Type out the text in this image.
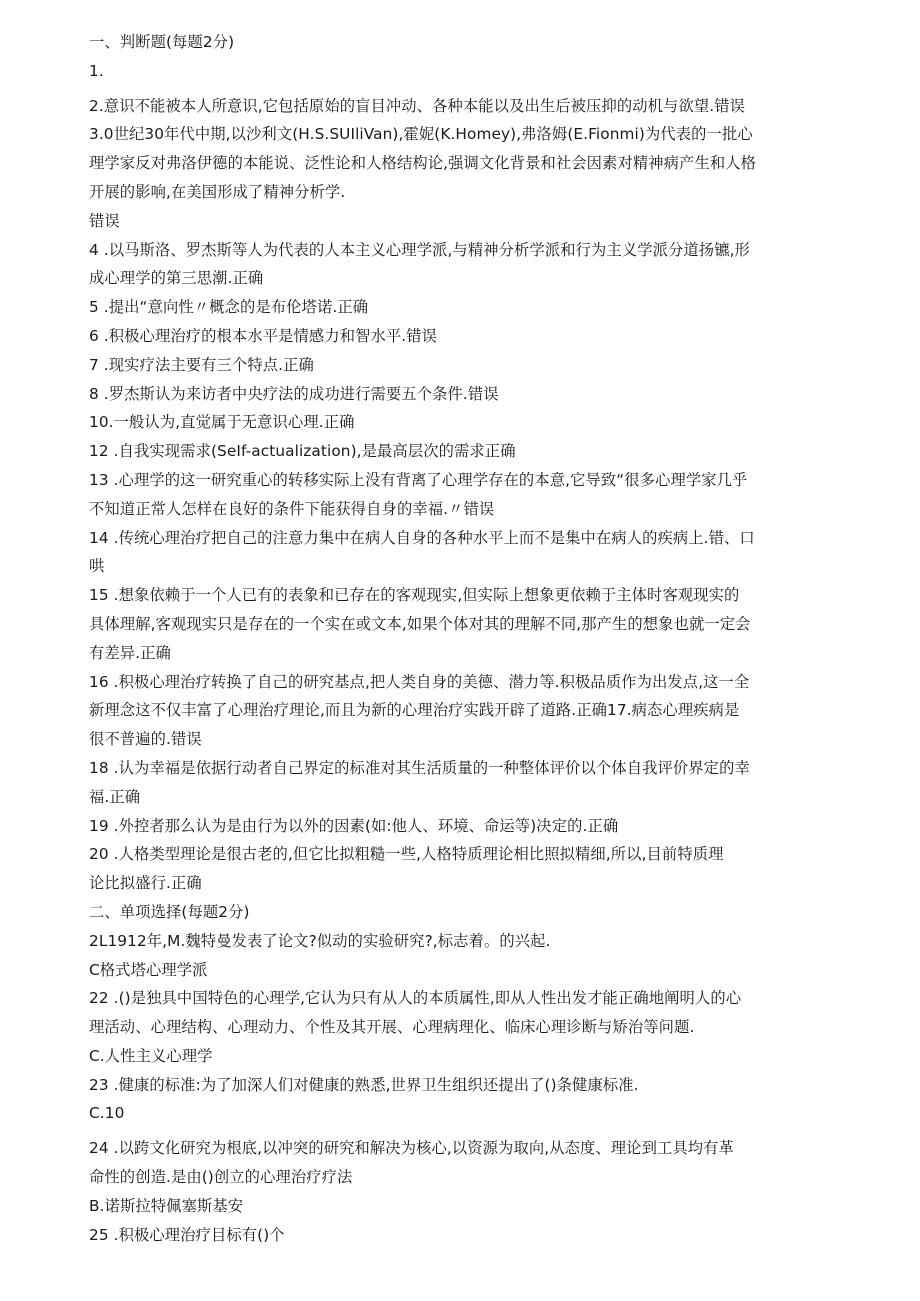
一、判断题(每题2分)
1.
2.意识不能被本人所意识,它包括原始的盲目冲动、各种本能以及出生后被压抑的动机与欲望.错误
3.0世纪30年代中期,以沙利文(H.S.SUIliVan),霍妮(K.Homey),弗洛姆(E.Fionmi)为代表的一批心
理学家反对弗洛伊德的本能说、泛性论和人格结构论,强调文化背景和社会因素对精神病产生和人格
开展的影响,在美国形成了精神分析学.
错误
4 .以马斯洛、罗杰斯等人为代表的人本主义心理学派,与精神分析学派和行为主义学派分道扬镳,形
成心理学的第三思潮.正确
5 .提出“意向性〃概念的是布伦塔诺.正确
6 .积极心理治疗的根本水平是情感力和智水平.错误
7 .现实疗法主要有三个特点.正确
8 .罗杰斯认为来访者中央疗法的成功进行需要五个条件.错误
10.一般认为,直觉属于无意识心理.正确
12 .自我实现需求(SeIf-actualization),是最高层次的需求正确
13 .心理学的这一研究重心的转移实际上没有背离了心理学存在的本意,它导致“很多心理学家几乎
不知道正常人怎样在良好的条件下能获得自身的幸福.〃错误
14 .传统心理治疗把自己的注意力集中在病人自身的各种水平上而不是集中在病人的疾病上.错、口
哄
15 .想象依赖于一个人已有的表象和已存在的客观现实,但实际上想象更依赖于主体时客观现实的
具体理解,客观现实只是存在的一个实在或文本,如果个体对其的理解不同,那产生的想象也就一定会
有差异.正确
16 .积极心理治疗转换了自己的研究基点,把人类自身的美德、潜力等.积极品质作为出发点,这一全
新理念这不仅丰富了心理治疗理论,而且为新的心理治疗实践开辟了道路.正确17.病态心理疾病是
很不普遍的.错误
18 .认为幸福是依据行动者自己界定的标准对其生活质量的一种整体评价以个体自我评价界定的幸
福.正确
19 .外控者那么认为是由行为以外的因素(如:他人、环境、命运等)决定的.正确
20 .人格类型理论是很古老的,但它比拟粗糙一些,人格特质理论相比照拟精细,所以,目前特质理
论比拟盛行.正确
二、单项选择(每题2分)
2L1912年,M.魏特曼发表了论文?似动的实验研究?,标志着。的兴起.
C格式塔心理学派
22 .()是独具中国特色的心理学,它认为只有从人的本质属性,即从人性出发才能正确地阐明人的心
理活动、心理结构、心理动力、个性及其开展、心理病理化、临床心理诊断与矫治等问题.
C.人性主义心理学
23 .健康的标准:为了加深人们对健康的熟悉,世界卫生组织还提出了()条健康标准.
C.10
24 .以跨文化研究为根底,以冲突的研究和解决为核心,以资源为取向,从态度、理论到工具均有革
命性的创造.是由()创立的心理治疗疗法
B.诺斯拉特佩塞斯基安
25 .积极心理治疗目标有()个
